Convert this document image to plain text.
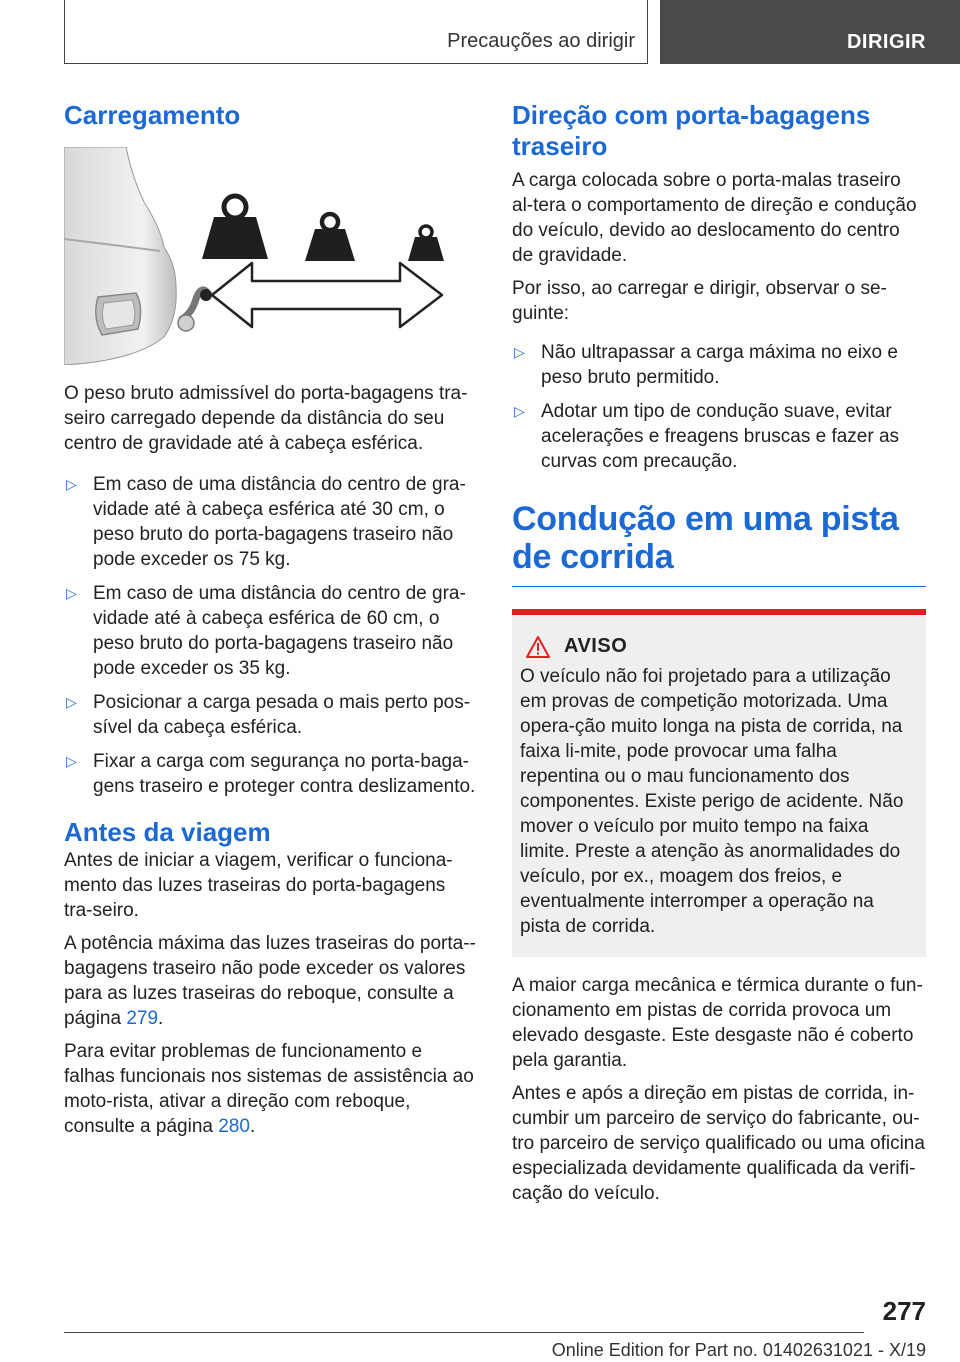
Precauções ao dirigir	DIRIGIR
Carregamento

O peso bruto admissível do porta-bagagens tra-seiro carregado depende da distância do seu centro de gravidade até à cabeça esférica.

▷ Em caso de uma distância do centro de gra-vidade até à cabeça esférica até 30 cm, o peso bruto do porta-bagagens traseiro não pode exceder os 75 kg.
▷ Em caso de uma distância do centro de gra-vidade até à cabeça esférica de 60 cm, o peso bruto do porta-bagagens traseiro não pode exceder os 35 kg.
▷ Posicionar a carga pesada o mais perto pos-sível da cabeça esférica.
▷ Fixar a carga com segurança no porta-baga-gens traseiro e proteger contra deslizamento.
Antes da viagem

Antes de iniciar a viagem, verificar o funciona-mento das luzes traseiras do porta-bagagens tra-seiro.

A potência máxima das luzes traseiras do porta--bagagens traseiro não pode exceder os valores para as luzes traseiras do reboque, consulte a página 279.

Para evitar problemas de funcionamento e falhas funcionais nos sistemas de assistência ao moto-rista, ativar a direção com reboque, consulte a página 280.

Direção com porta-bagagens traseiro

A carga colocada sobre o porta-malas traseiro al-tera o comportamento de direção e condução do veículo, devido ao deslocamento do centro de gravidade.

Por isso, ao carregar e dirigir, observar o se-guinte:

▷ Não ultrapassar a carga máxima no eixo e peso bruto permitido.
▷ Adotar um tipo de condução suave, evitar acelerações e freagens bruscas e fazer as curvas com precaução.
Condução em uma pista de corrida
AVISO

O veículo não foi projetado para a utilização em provas de competição motorizada. Uma opera-ção muito longa na pista de corrida, na faixa li-mite, pode provocar uma falha repentina ou o mau funcionamento dos componentes. Existe perigo de acidente. Não mover o veículo por muito tempo na faixa limite. Preste a atenção às anormalidades do veículo, por ex., moagem dos freios, e eventualmente interromper a operação na pista de corrida.

A maior carga mecânica e térmica durante o fun-cionamento em pistas de corrida provoca um elevado desgaste. Este desgaste não é coberto pela garantia.

Antes e após a direção em pistas de corrida, in-cumbir um parceiro de serviço do fabricante, ou-tro parceiro de serviço qualificado ou uma oficina especializada devidamente qualificada da verifi-cação do veículo.

277
Online Edition for Part no. 01402631021 - X/19
